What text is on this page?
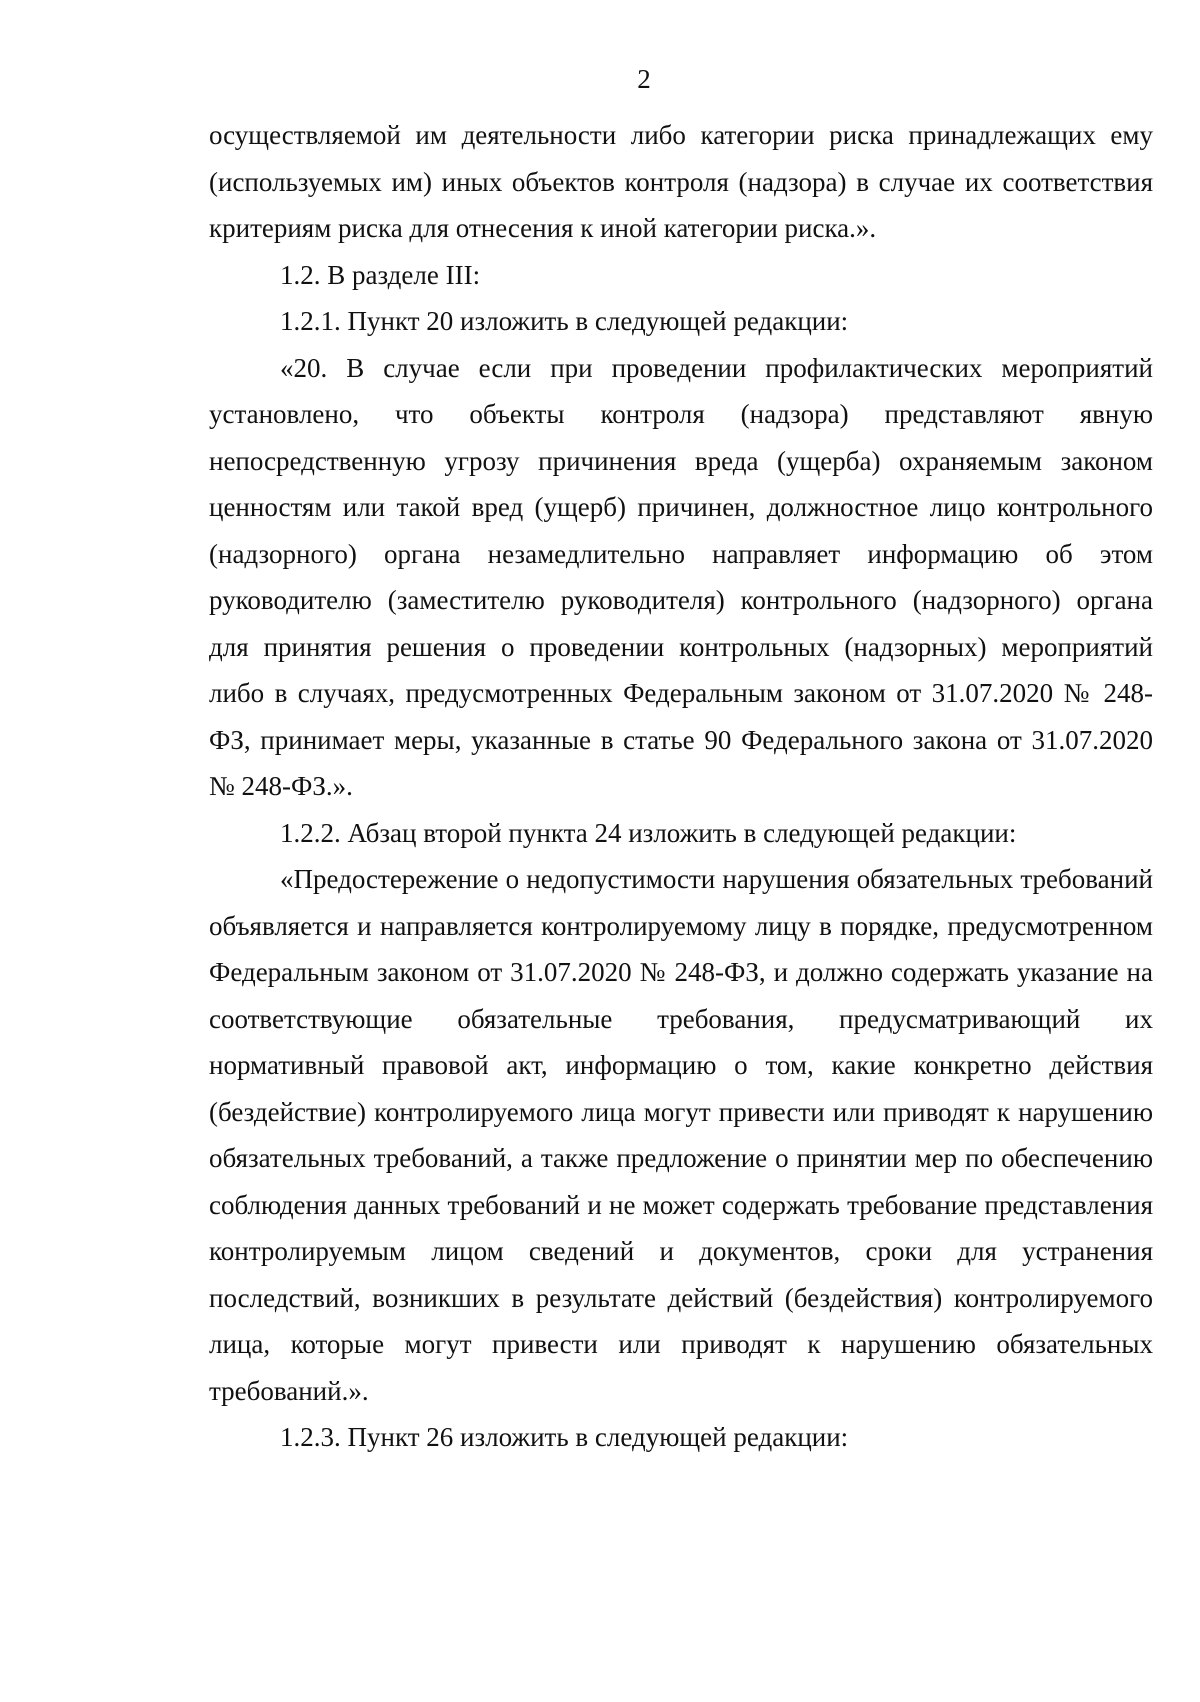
2

осуществляемой им деятельности либо категории риска принадлежащих ему (используемых им) иных объектов контроля (надзора) в случае их соответствия критериям риска для отнесения к иной категории риска.».

1.2. В разделе III:

1.2.1. Пункт 20 изложить в следующей редакции:

«20. В случае если при проведении профилактических мероприятий установлено, что объекты контроля (надзора) представляют явную непосредственную угрозу причинения вреда (ущерба) охраняемым законом ценностям или такой вред (ущерб) причинен, должностное лицо контрольного (надзорного) органа незамедлительно направляет информацию об этом руководителю (заместителю руководителя) контрольного (надзорного) органа для принятия решения о проведении контрольных (надзорных) мероприятий либо в случаях, предусмотренных Федеральным законом от 31.07.2020 № 248-ФЗ, принимает меры, указанные в статье 90 Федерального закона от 31.07.2020 № 248-ФЗ.».

1.2.2. Абзац второй пункта 24 изложить в следующей редакции:

«Предостережение о недопустимости нарушения обязательных требований объявляется и направляется контролируемому лицу в порядке, предусмотренном Федеральным законом от 31.07.2020 № 248-ФЗ, и должно содержать указание на соответствующие обязательные требования, предусматривающий их нормативный правовой акт, информацию о том, какие конкретно действия (бездействие) контролируемого лица могут привести или приводят к нарушению обязательных требований, а также предложение о принятии мер по обеспечению соблюдения данных требований и не может содержать требование представления контролируемым лицом сведений и документов, сроки для устранения последствий, возникших в результате действий (бездействия) контролируемого лица, которые могут привести или приводят к нарушению обязательных требований.».

1.2.3. Пункт 26 изложить в следующей редакции:
